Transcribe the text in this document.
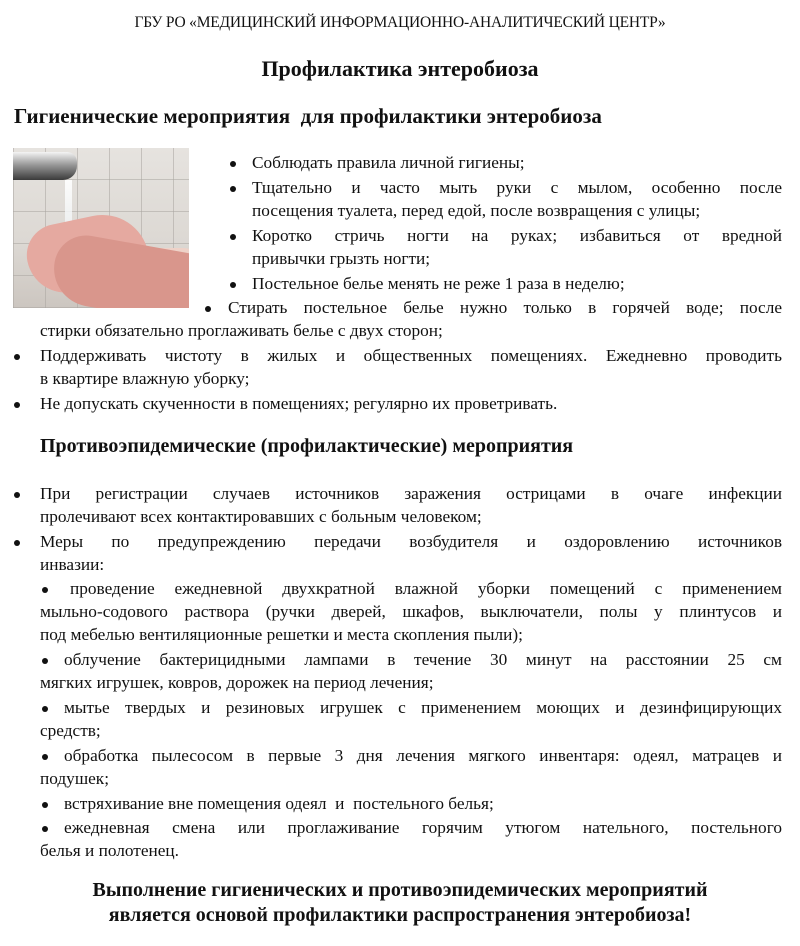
ГБУ РО «МЕДИЦИНСКИЙ ИНФОРМАЦИОННО-АНАЛИТИЧЕСКИЙ ЦЕНТР»
Профилактика энтеробиоза
Гигиенические мероприятия  для профилактики энтеробиоза
Соблюдать правила личной гигиены;
Тщательно и часто мыть руки с мылом, особенно после
посещения туалета, перед едой, после возвращения с улицы;
Коротко стричь ногти на руках; избавиться от вредной
привычки грызть ногти;
Постельное белье менять не реже 1 раза в неделю;
Стирать постельное белье нужно только в горячей воде; после
стирки обязательно проглаживать белье с двух сторон;
Поддерживать чистоту в жилых и общественных помещениях. Ежедневно проводить
в квартире влажную уборку;
Не допускать скученности в помещениях; регулярно их проветривать.
Противоэпидемические (профилактические) мероприятия
При регистрации случаев источников заражения острицами в очаге инфекции
пролечивают всех контактировавших с больным человеком;
Меры по предупреждению передачи возбудителя и оздоровлению источников
инвазии:
проведение ежедневной двухкратной влажной уборки помещений с применением
мыльно-содового раствора (ручки дверей, шкафов, выключатели, полы у плинтусов и
под мебелью вентиляционные решетки и места скопления пыли);
облучение бактерицидными лампами в течение 30 минут на расстоянии 25 см
мягких игрушек, ковров, дорожек на период лечения;
мытье твердых и резиновых игрушек с применением моющих и дезинфицирующих
средств;
обработка пылесосом в первые 3 дня лечения мягкого инвентаря: одеял, матрацев и
подушек;
встряхивание вне помещения одеял  и  постельного белья;
ежедневная смена или проглаживание горячим утюгом нательного, постельного
белья и полотенец.
Выполнение гигиенических и противоэпидемических мероприятий
является основой профилактики распространения энтеробиоза!
